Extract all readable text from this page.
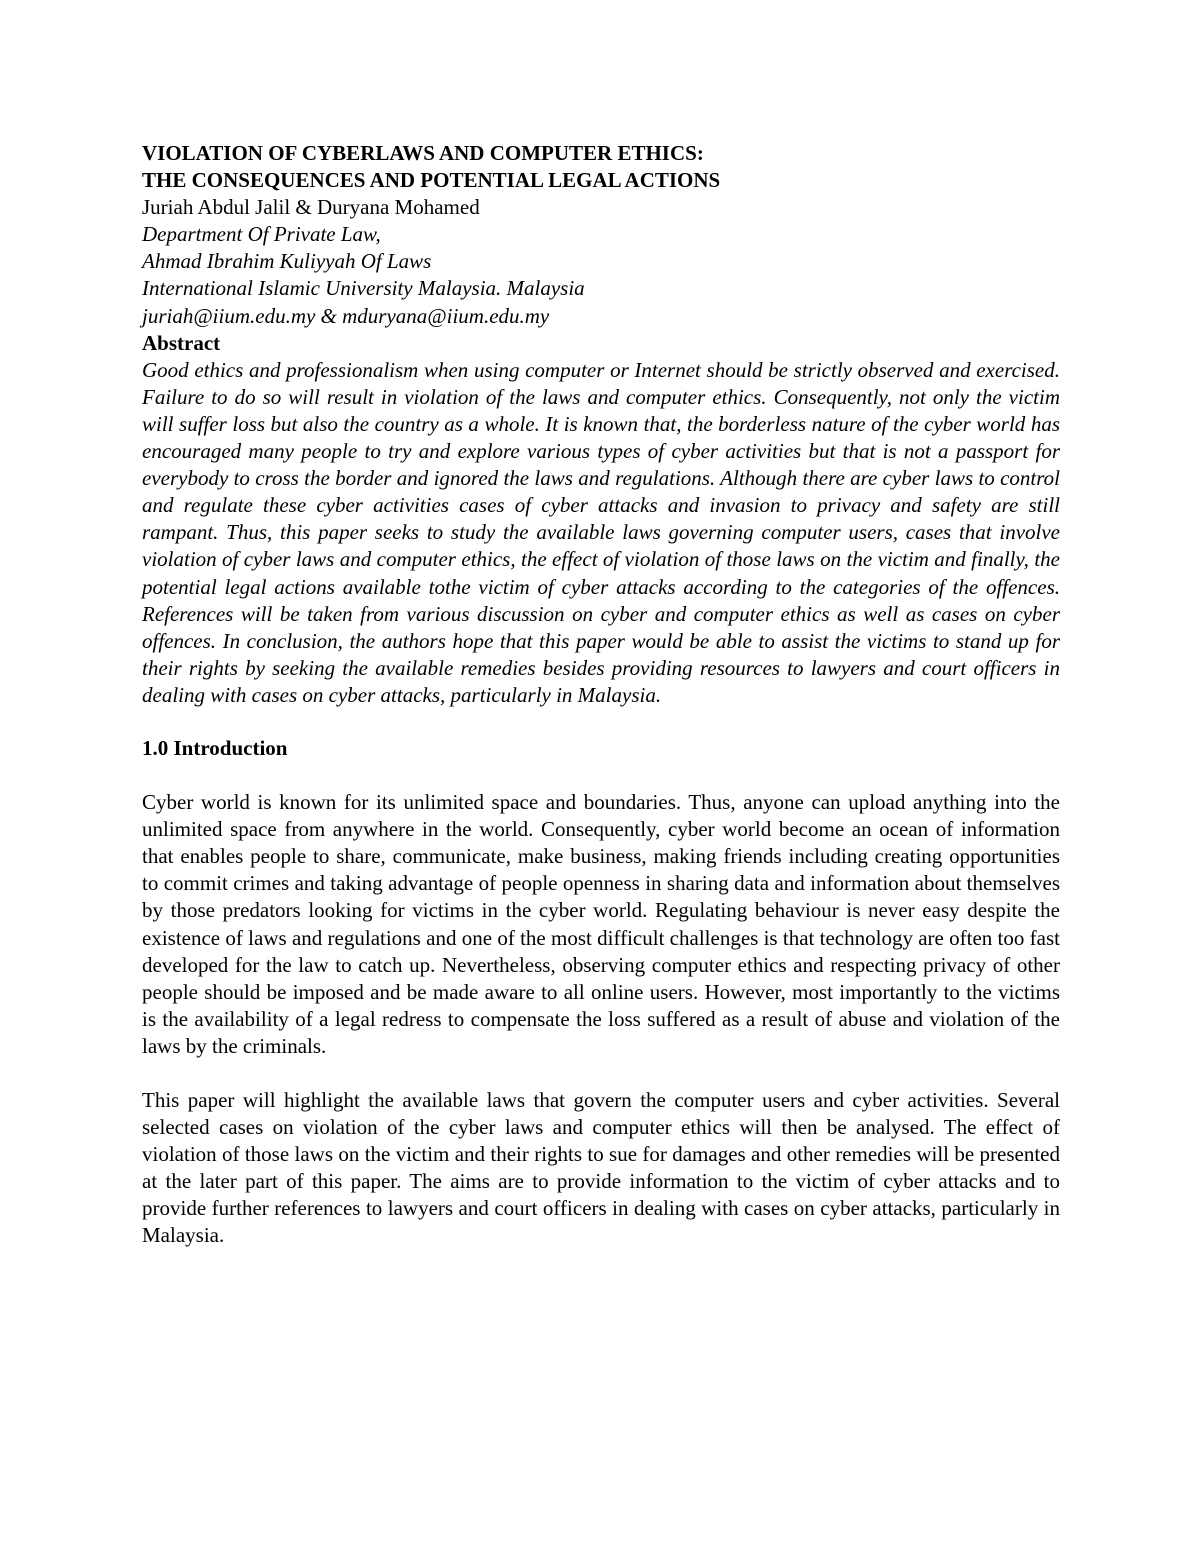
VIOLATION OF CYBERLAWS AND COMPUTER ETHICS:
THE CONSEQUENCES AND POTENTIAL LEGAL ACTIONS
Juriah Abdul Jalil & Duryana Mohamed
Department Of Private Law,
Ahmad Ibrahim Kuliyyah Of Laws
International Islamic University Malaysia. Malaysia
juriah@iium.edu.my & mduryana@iium.edu.my
Abstract

Good ethics and professionalism when using computer or Internet should be strictly observed and exercised. Failure to do so will result in violation of the laws and computer ethics. Consequently, not only the victim will suffer loss but also the country as a whole. It is known that, the borderless nature of the cyber world has encouraged many people to try and explore various types of cyber activities but that is not a passport for everybody to cross the border and ignored the laws and regulations. Although there are cyber laws to control and regulate these cyber activities cases of cyber attacks and invasion to privacy and safety are still rampant. Thus, this paper seeks to study the available laws governing computer users, cases that involve violation of cyber laws and computer ethics, the effect of violation of those laws on the victim and finally, the potential legal actions available tothe victim of cyber attacks according to the categories of the offences. References will be taken from various discussion on cyber and computer ethics as well as cases on cyber offences. In conclusion, the authors hope that this paper would be able to assist the victims to stand up for their rights by seeking the available remedies besides providing resources to lawyers and court officers in dealing with cases on cyber attacks, particularly in Malaysia.

1.0 Introduction

Cyber world is known for its unlimited space and boundaries. Thus, anyone can upload anything into the unlimited space from anywhere in the world. Consequently, cyber world become an ocean of information that enables people to share, communicate, make business, making friends including creating opportunities to commit crimes and taking advantage of people openness in sharing data and information about themselves by those predators looking for victims in the cyber world. Regulating behaviour is never easy despite the existence of laws and regulations and one of the most difficult challenges is that technology are often too fast developed for the law to catch up. Nevertheless, observing computer ethics and respecting privacy of other people should be imposed and be made aware to all online users. However, most importantly to the victims is the availability of a legal redress to compensate the loss suffered as a result of abuse and violation of the laws by the criminals.

This paper will highlight the available laws that govern the computer users and cyber activities. Several selected cases on violation of the cyber laws and computer ethics will then be analysed. The effect of violation of those laws on the victim and their rights to sue for damages and other remedies will be presented at the later part of this paper. The aims are to provide information to the victim of cyber attacks and to provide further references to lawyers and court officers in dealing with cases on cyber attacks, particularly in Malaysia.
